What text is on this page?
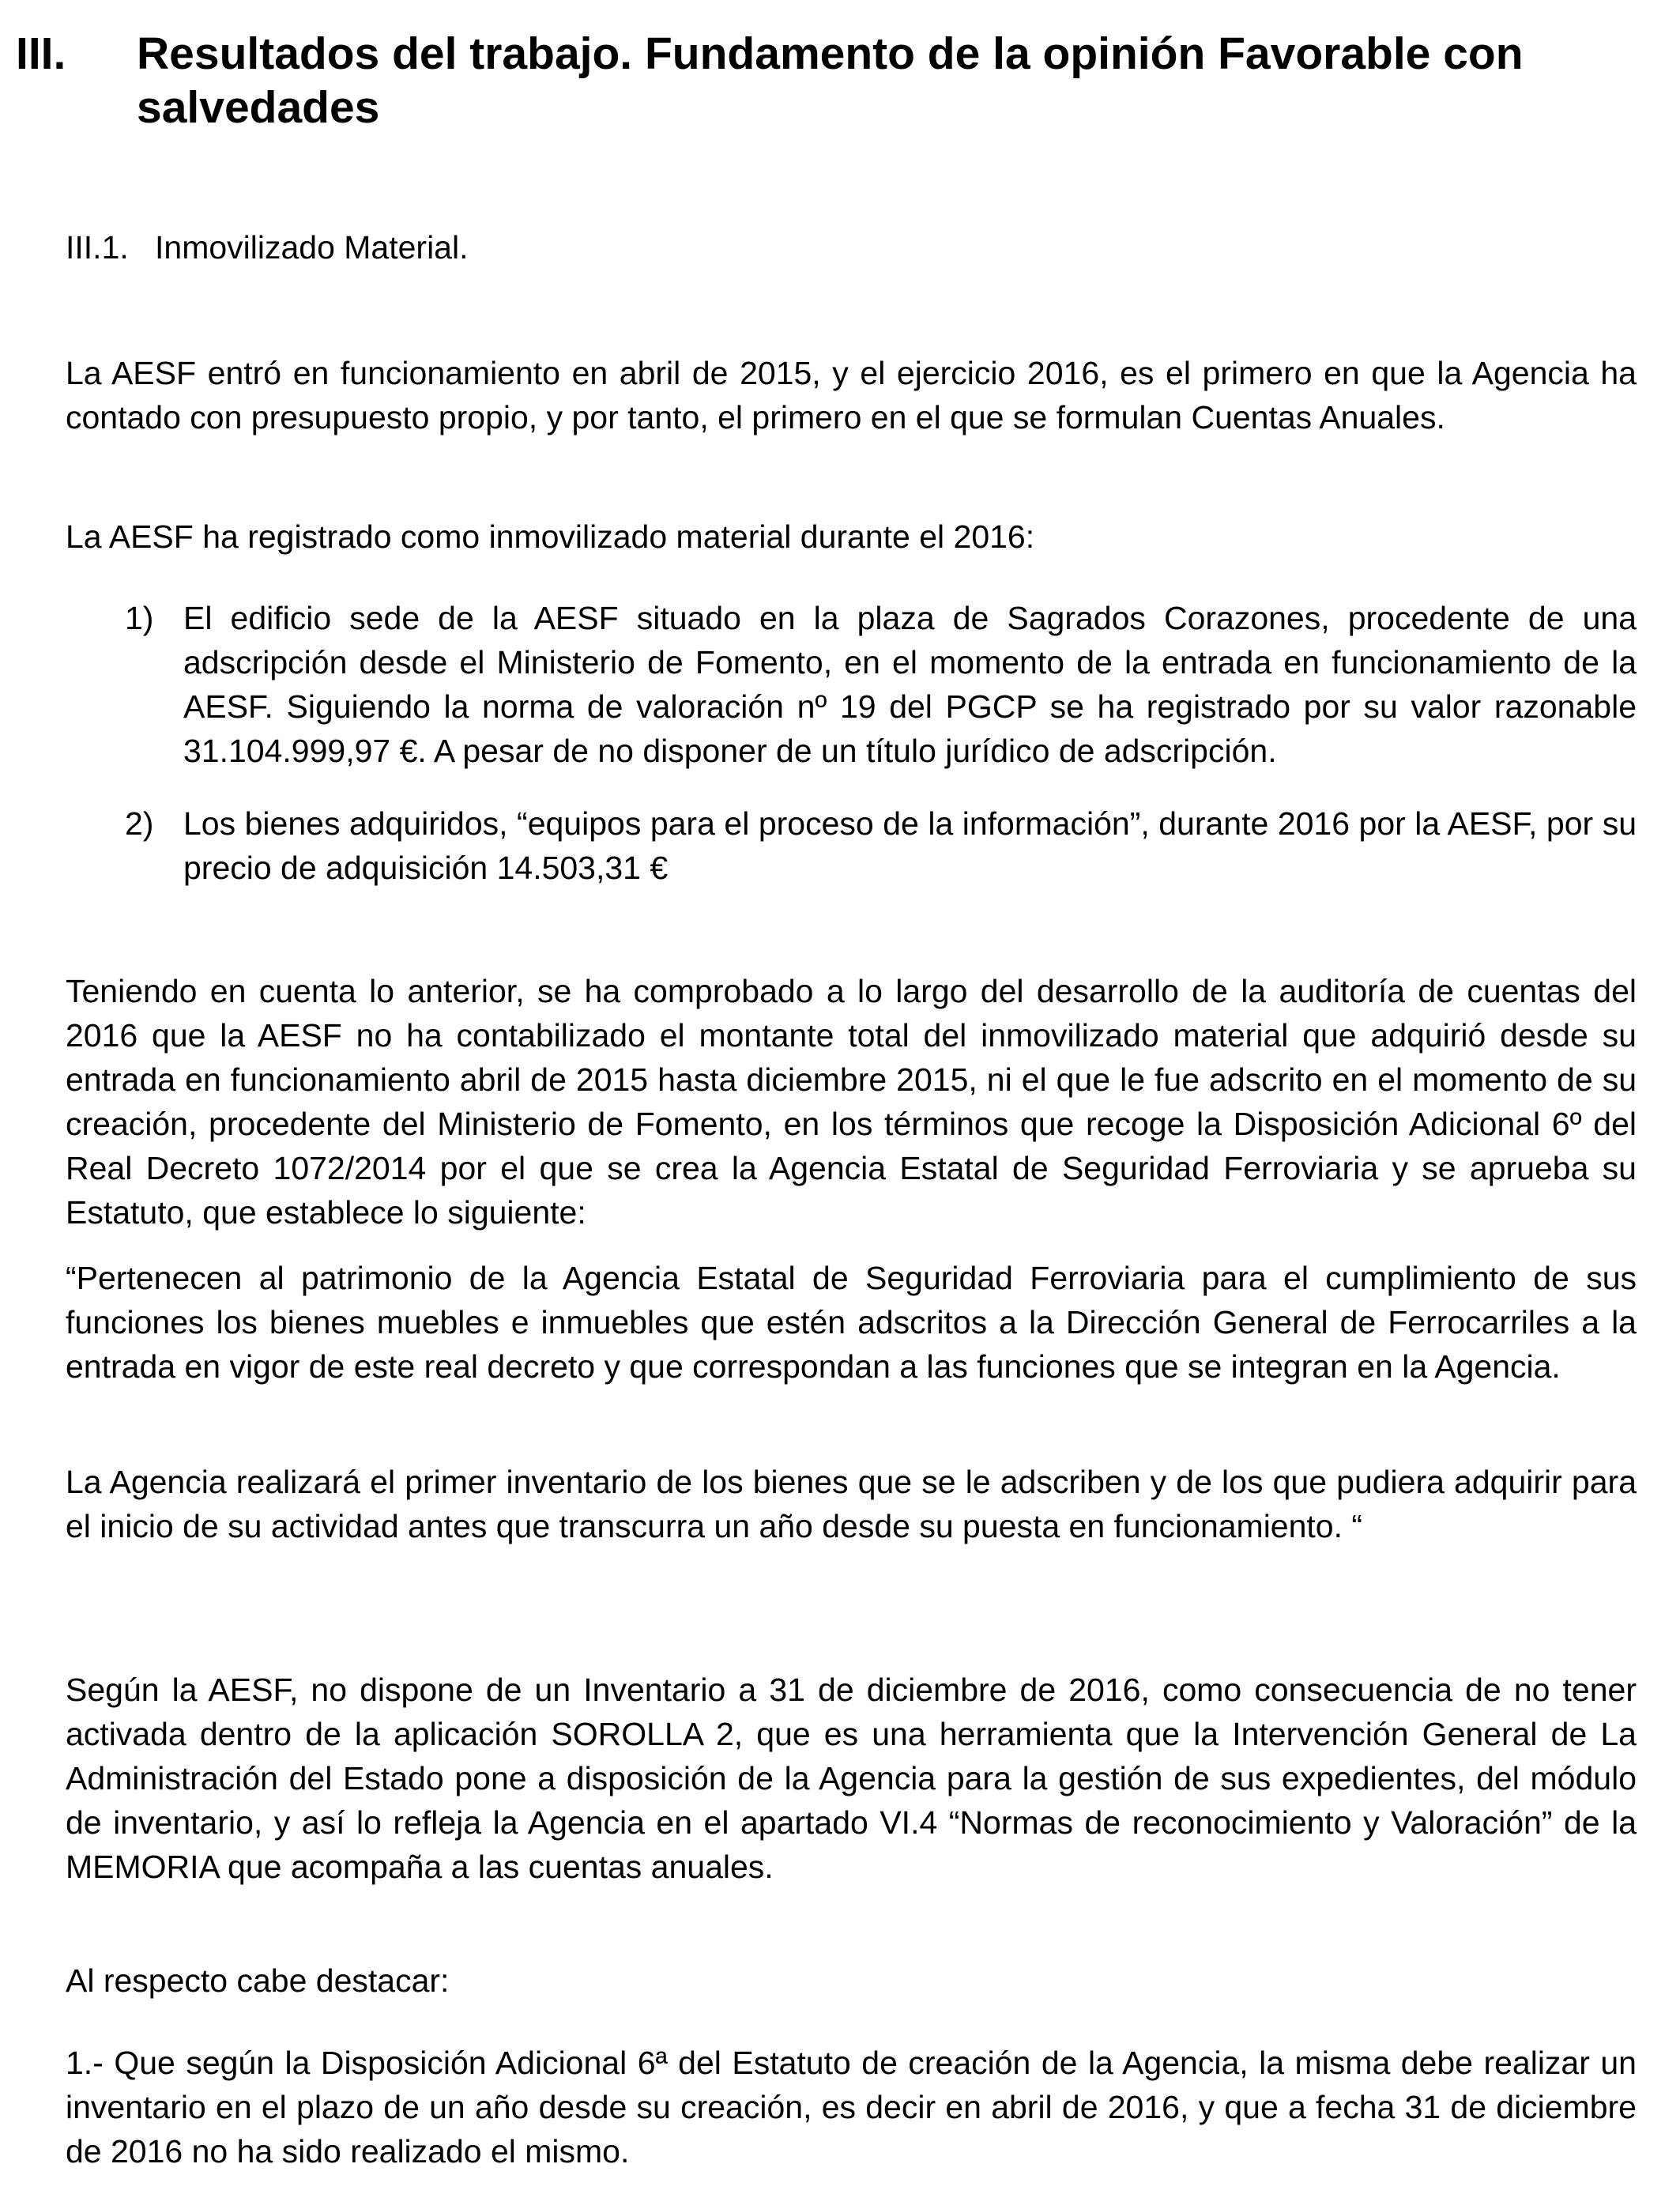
III.	Resultados del trabajo. Fundamento de la opinión Favorable con salvedades
III.1. Inmovilizado Material.

La AESF entró en funcionamiento en abril de 2015, y el ejercicio 2016, es el primero en que la Agencia ha contado con presupuesto propio, y por tanto, el primero en el que se formulan Cuentas Anuales.

La AESF ha registrado como inmovilizado material durante el 2016:

1) El edificio sede de la AESF situado en la plaza de Sagrados Corazones, procedente de una adscripción desde el Ministerio de Fomento, en el momento de la entrada en funcionamiento de la AESF. Siguiendo la norma de valoración nº 19 del PGCP se ha registrado por su valor razonable 31.104.999,97 €. A pesar de no disponer de un título jurídico de adscripción.
2) Los bienes adquiridos, “equipos para el proceso de la información”, durante 2016 por la AESF, por su precio de adquisición 14.503,31 €

Teniendo en cuenta lo anterior, se ha comprobado a lo largo del desarrollo de la auditoría de cuentas del 2016 que la AESF no ha contabilizado el montante total del inmovilizado material que adquirió desde su entrada en funcionamiento abril de 2015 hasta diciembre 2015, ni el que le fue adscrito en el momento de su creación, procedente del Ministerio de Fomento, en los términos que recoge la Disposición Adicional 6º del Real Decreto 1072/2014 por el que se crea la Agencia Estatal de Seguridad Ferroviaria y se aprueba su Estatuto, que establece lo siguiente:

“Pertenecen al patrimonio de la Agencia Estatal de Seguridad Ferroviaria para el cumplimiento de sus funciones los bienes muebles e inmuebles que estén adscritos a la Dirección General de Ferrocarriles a la entrada en vigor de este real decreto y que correspondan a las funciones que se integran en la Agencia.

La Agencia realizará el primer inventario de los bienes que se le adscriben y de los que pudiera adquirir para el inicio de su actividad antes que transcurra un año desde su puesta en funcionamiento. “

Según la AESF, no dispone de un Inventario a 31 de diciembre de 2016, como consecuencia de no tener activada dentro de la aplicación SOROLLA 2, que es una herramienta que la Intervención General de La Administración del Estado pone a disposición de la Agencia para la gestión de sus expedientes, del módulo de inventario, y así lo refleja la Agencia en el apartado VI.4 “Normas de reconocimiento y Valoración” de la MEMORIA que acompaña a las cuentas anuales.

Al respecto cabe destacar:

1.- Que según la Disposición Adicional 6ª del Estatuto de creación de la Agencia, la misma debe realizar un inventario en el plazo de un año desde su creación, es decir en abril de 2016, y que a fecha 31 de diciembre de 2016 no ha sido realizado el mismo.
